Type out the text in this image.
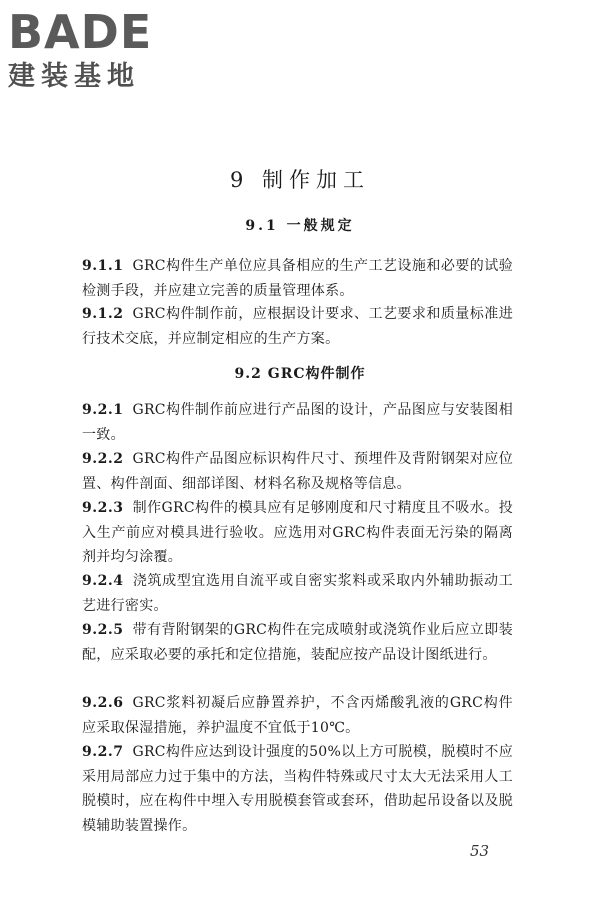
BADE
建装基地
9 制作加工
9.1 一般规定

9.1.1 GRC构件生产单位应具备相应的生产工艺设施和必要的试验检测手段，并应建立完善的质量管理体系。

9.1.2 GRC构件制作前，应根据设计要求、工艺要求和质量标准进行技术交底，并应制定相应的生产方案。

9.2 GRC构件制作

9.2.1 GRC构件制作前应进行产品图的设计，产品图应与安装图相一致。

9.2.2 GRC构件产品图应标识构件尺寸、预埋件及背附钢架对应位置、构件剖面、细部详图、材料名称及规格等信息。

9.2.3 制作GRC构件的模具应有足够刚度和尺寸精度且不吸水。投入生产前应对模具进行验收。应选用对GRC构件表面无污染的隔离剂并均匀涂覆。

9.2.4 浇筑成型宜选用自流平或自密实浆料或采取内外辅助振动工艺进行密实。

9.2.5 带有背附钢架的GRC构件在完成喷射或浇筑作业后应立即装配，应采取必要的承托和定位措施，装配应按产品设计图纸进行。

9.2.6 GRC浆料初凝后应静置养护，不含丙烯酸乳液的GRC构件应采取保湿措施，养护温度不宜低于10℃。

9.2.7 GRC构件应达到设计强度的50%以上方可脱模，脱模时不应采用局部应力过于集中的方法，当构件特殊或尺寸太大无法采用人工脱模时，应在构件中埋入专用脱模套管或套环，借助起吊设备以及脱模辅助装置操作。

53
